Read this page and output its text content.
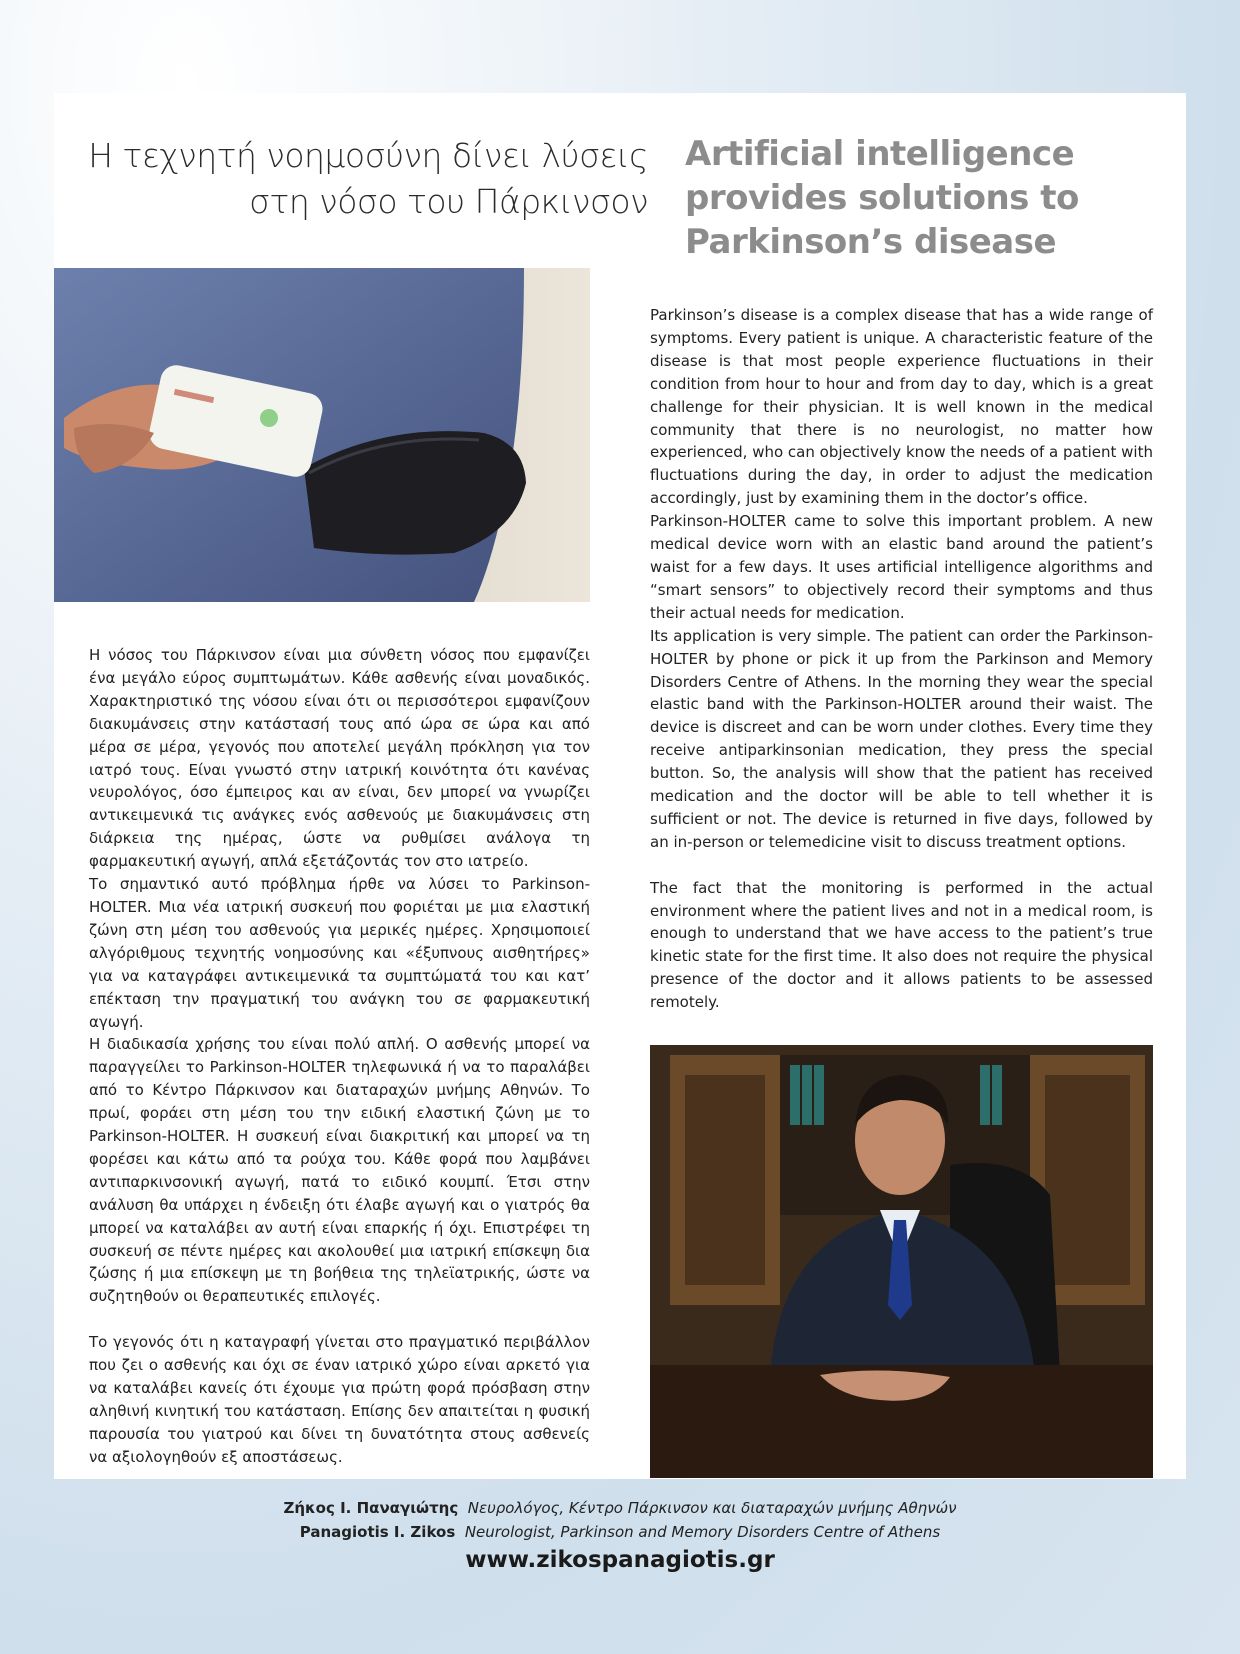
Η τεχνητή νοημοσύνη δίνει λύσεις στη νόσο του Πάρκινσον
Artificial intelligence provides solutions to Parkinson’s disease

Η νόσος του Πάρκινσον είναι μια σύνθετη νόσος που εμφανίζει ένα μεγάλο εύρος συμπτωμάτων. Κάθε ασθενής είναι μοναδικός. Χαρακτηριστικό της νόσου είναι ότι οι περισσότεροι εμφανίζουν διακυμάνσεις στην κατάστασή τους από ώρα σε ώρα και από μέρα σε μέρα, γεγονός που αποτελεί μεγάλη πρόκληση για τον ιατρό τους. Είναι γνωστό στην ιατρική κοινότητα ότι κανένας νευρολόγος, όσο έμπειρος και αν είναι, δεν μπορεί να γνωρίζει αντικειμενικά τις ανάγκες ενός ασθενούς με διακυμάνσεις στη διάρκεια της ημέρας, ώστε να ρυθμίσει ανάλογα τη φαρμακευτική αγωγή, απλά εξετάζοντάς τον στο ιατρείο.

Το σημαντικό αυτό πρόβλημα ήρθε να λύσει το Parkinson-HOLTER. Μια νέα ιατρική συσκευή που φοριέται με μια ελαστική ζώνη στη μέση του ασθενούς για μερικές ημέρες. Χρησιμοποιεί αλγόριθμους τεχνητής νοημοσύνης και «έξυπνους αισθητήρες» για να καταγράφει αντικειμενικά τα συμπτώματά του και κατ’ επέκταση την πραγματική του ανάγκη του σε φαρμακευτική αγωγή.

Η διαδικασία χρήσης του είναι πολύ απλή. Ο ασθενής μπορεί να παραγγείλει το Parkinson-HOLTER τηλεφωνικά ή να το παραλάβει από το Κέντρο Πάρκινσον και διαταραχών μνήμης Αθηνών. Το πρωί, φοράει στη μέση του την ειδική ελαστική ζώνη με το Parkinson-HOLTER. Η συσκευή είναι διακριτική και μπορεί να τη φορέσει και κάτω από τα ρούχα του. Κάθε φορά που λαμβάνει αντιπαρκινσονική αγωγή, πατά το ειδικό κουμπί. Έτσι στην ανάλυση θα υπάρχει η ένδειξη ότι έλαβε αγωγή και ο γιατρός θα μπορεί να καταλάβει αν αυτή είναι επαρκής ή όχι. Επιστρέφει τη συσκευή σε πέντε ημέρες και ακολουθεί μια ιατρική επίσκεψη δια ζώσης ή μια επίσκεψη με τη βοήθεια της τηλεϊατρικής, ώστε να συζητηθούν οι θεραπευτικές επιλογές.

Το γεγονός ότι η καταγραφή γίνεται στο πραγματικό περιβάλλον που ζει ο ασθενής και όχι σε έναν ιατρικό χώρο είναι αρκετό για να καταλάβει κανείς ότι έχουμε για πρώτη φορά πρόσβαση στην αληθινή κινητική του κατάσταση. Επίσης δεν απαιτείται η φυσική παρουσία του γιατρού και δίνει τη δυνατότητα στους ασθενείς να αξιολογηθούν εξ αποστάσεως.

Parkinson’s disease is a complex disease that has a wide range of symptoms. Every patient is unique. A characteristic feature of the disease is that most people experience fluctuations in their condition from hour to hour and from day to day, which is a great challenge for their physician. It is well known in the medical community that there is no neurologist, no matter how experienced, who can objectively know the needs of a patient with fluctuations during the day, in order to adjust the medication accordingly, just by examining them in the doctor’s office.

Parkinson-HOLTER came to solve this important problem. A new medical device worn with an elastic band around the patient’s waist for a few days. It uses artificial intelligence algorithms and “smart sensors” to objectively record their symptoms and thus their actual needs for medication.

Its application is very simple. The patient can order the Parkinson-HOLTER by phone or pick it up from the Parkinson and Memory Disorders Centre of Athens. In the morning they wear the special elastic band with the Parkinson-HOLTER around their waist. The device is discreet and can be worn under clothes. Every time they receive antiparkinsonian medication, they press the special button. So, the analysis will show that the patient has received medication and the doctor will be able to tell whether it is sufficient or not. The device is returned in five days, followed by an in-person or telemedicine visit to discuss treatment options.

The fact that the monitoring is performed in the actual environment where the patient lives and not in a medical room, is enough to understand that we have access to the patient’s true kinetic state for the first time. It also does not require the physical presence of the doctor and it allows patients to be assessed remotely.

Ζήκος Ι. Παναγιώτης Νευρολόγος, Κέντρο Πάρκινσον και διαταραχών μνήμης Αθηνών
Panagiotis I. Zikos Neurologist, Parkinson and Memory Disorders Centre of Athens
www.zikospanagiotis.gr
